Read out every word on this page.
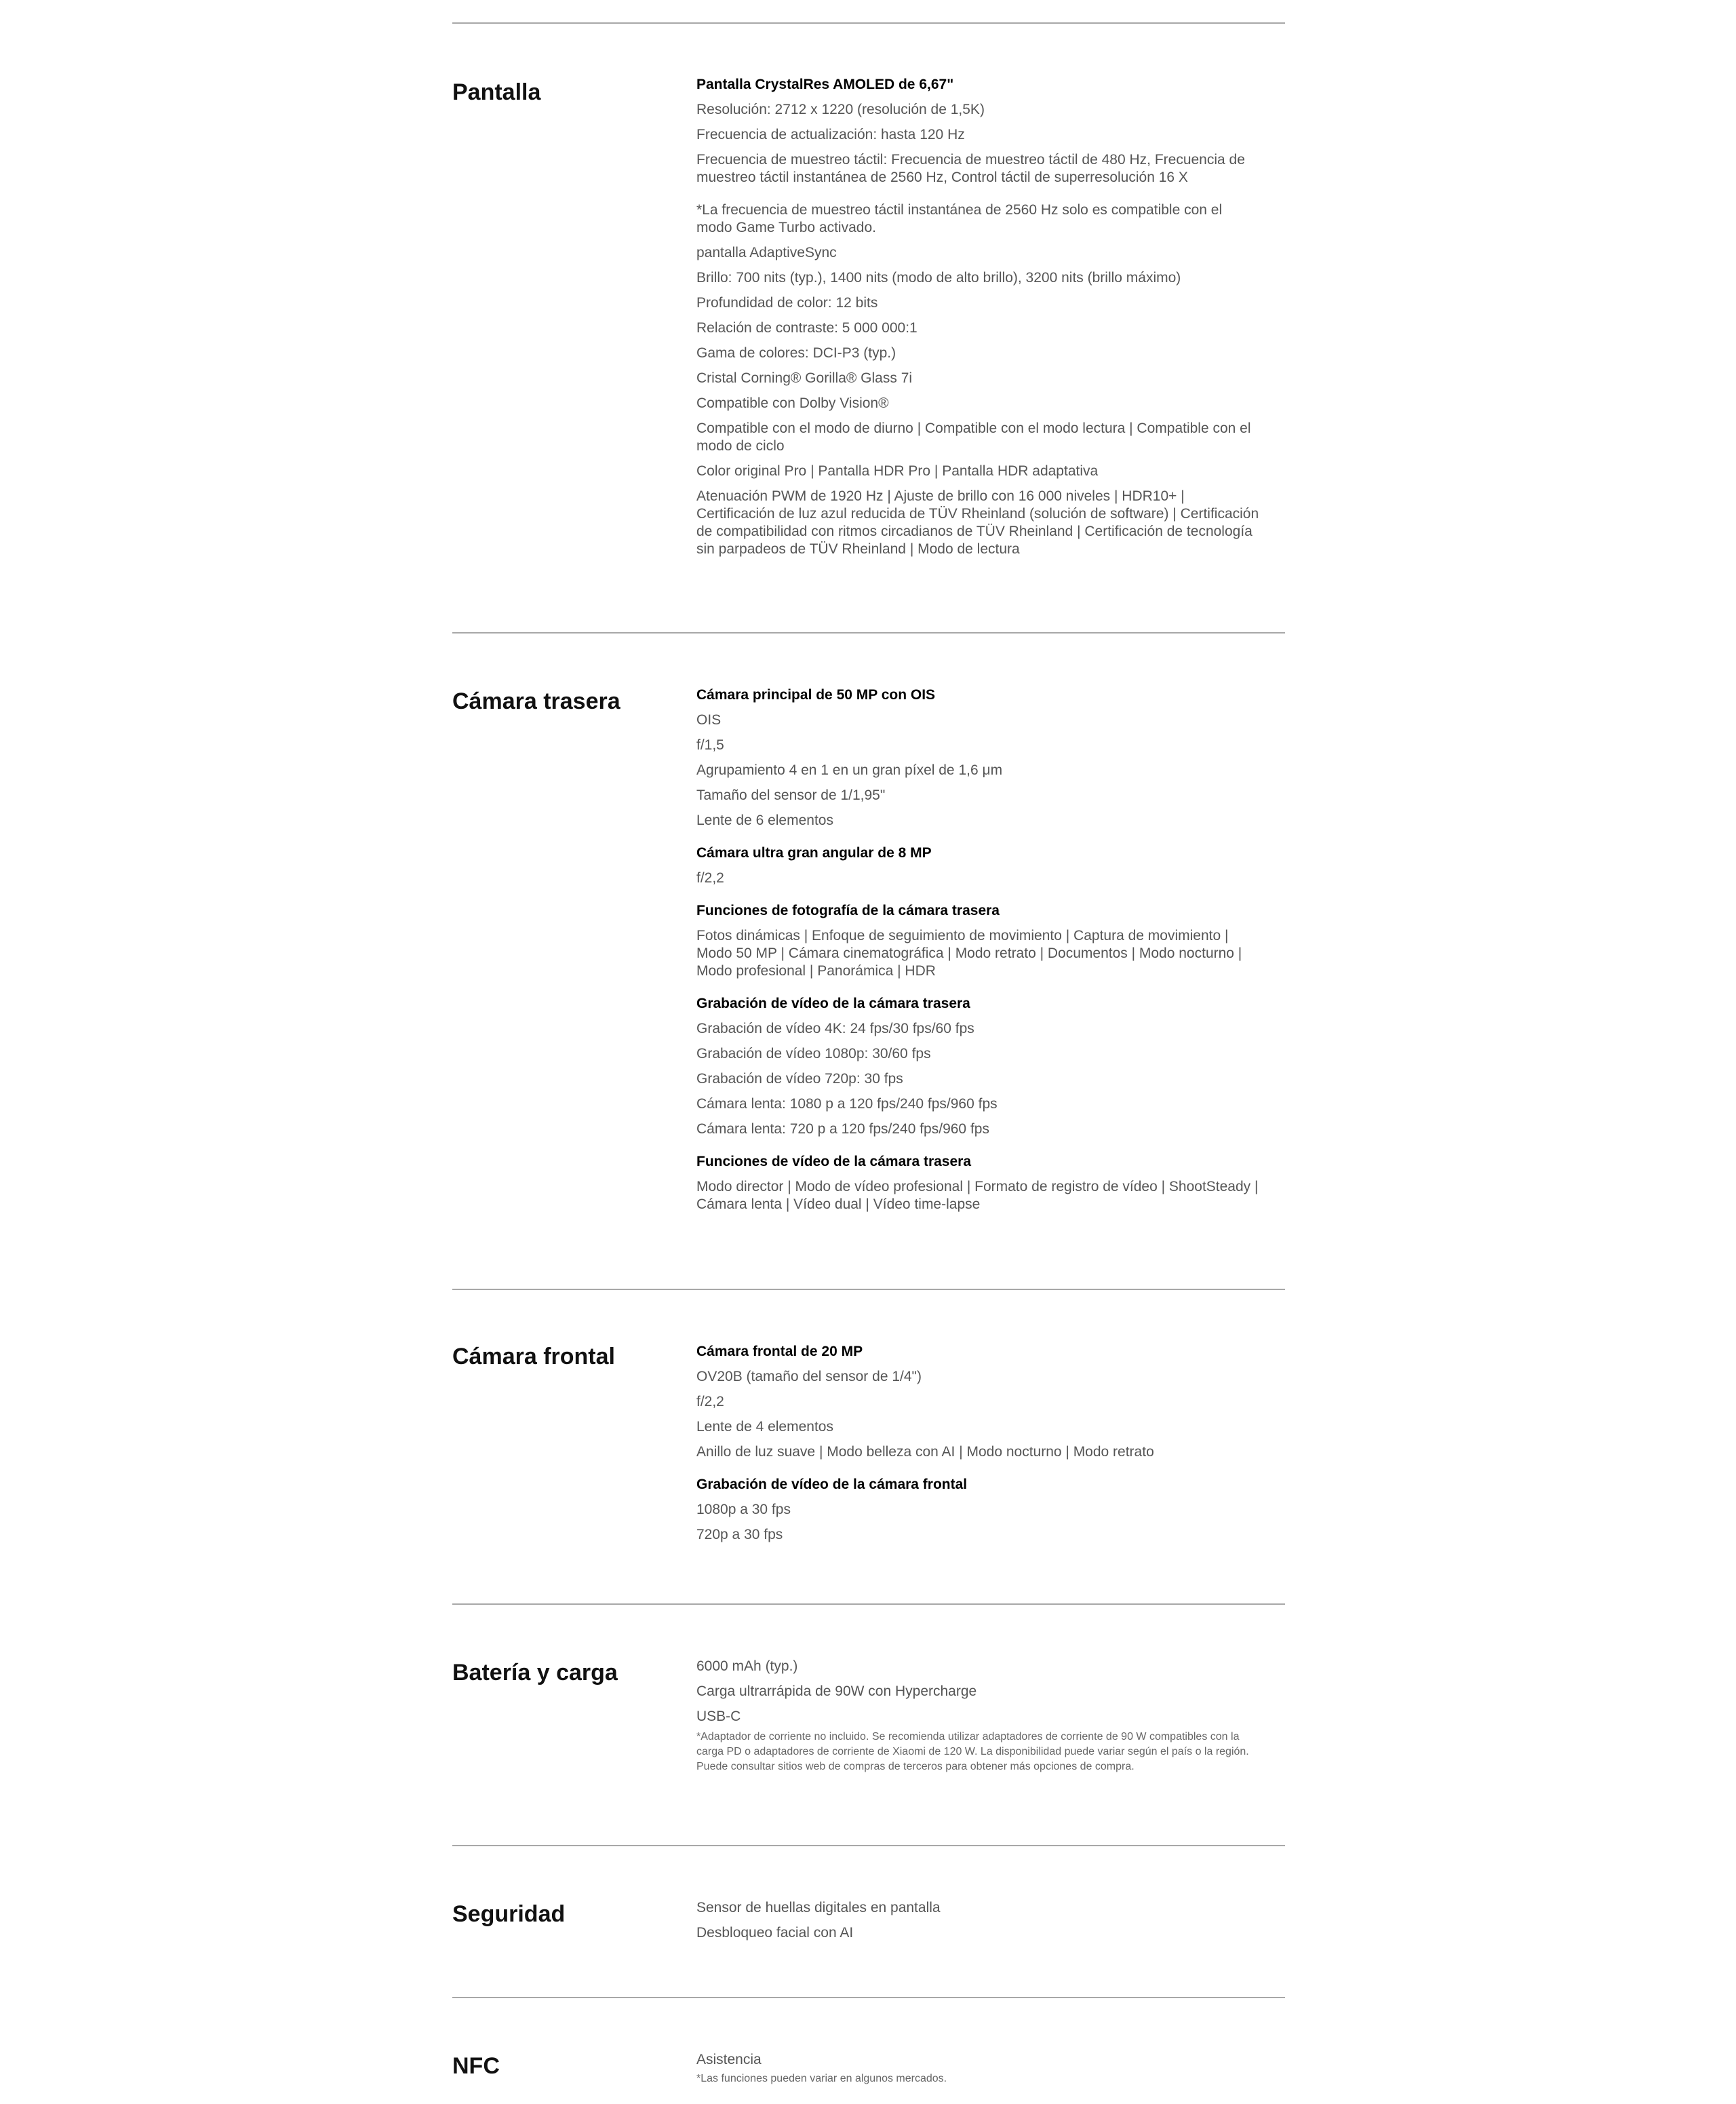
Pantalla	Pantalla CrystalRes AMOLED de 6,67"

Resolución: 2712 x 1220 (resolución de 1,5K)

Frecuencia de actualización: hasta 120 Hz

Frecuencia de muestreo táctil: Frecuencia de muestreo táctil de 480 Hz, Frecuencia de muestreo táctil instantánea de 2560 Hz, Control táctil de superresolución 16 X

*La frecuencia de muestreo táctil instantánea de 2560 Hz solo es compatible con el modo Game Turbo activado.

pantalla AdaptiveSync

Brillo: 700 nits (typ.), 1400 nits (modo de alto brillo), 3200 nits (brillo máximo)

Profundidad de color: 12 bits

Relación de contraste: 5 000 000:1

Gama de colores: DCI-P3 (typ.)

Cristal Corning® Gorilla® Glass 7i

Compatible con Dolby Vision®

Compatible con el modo de diurno | Compatible con el modo lectura | Compatible con el modo de ciclo

Color original Pro | Pantalla HDR Pro | Pantalla HDR adaptativa

Atenuación PWM de 1920 Hz | Ajuste de brillo con 16 000 niveles | HDR10+ | Certificación de luz azul reducida de TÜV Rheinland (solución de software) | Certificación de compatibilidad con ritmos circadianos de TÜV Rheinland | Certificación de tecnología sin parpadeos de TÜV Rheinland | Modo de lectura

Cámara trasera	Cámara principal de 50 MP con OIS

OIS

f/1,5

Agrupamiento 4 en 1 en un gran píxel de 1,6 μm

Tamaño del sensor de 1/1,95"

Lente de 6 elementos

Cámara ultra gran angular de 8 MP

f/2,2

Funciones de fotografía de la cámara trasera

Fotos dinámicas | Enfoque de seguimiento de movimiento | Captura de movimiento | Modo 50 MP | Cámara cinematográfica | Modo retrato | Documentos | Modo nocturno | Modo profesional | Panorámica | HDR

Grabación de vídeo de la cámara trasera

Grabación de vídeo 4K: 24 fps/30 fps/60 fps

Grabación de vídeo 1080p: 30/60 fps

Grabación de vídeo 720p: 30 fps

Cámara lenta: 1080 p a 120 fps/240 fps/960 fps

Cámara lenta: 720 p a 120 fps/240 fps/960 fps

Funciones de vídeo de la cámara trasera

Modo director | Modo de vídeo profesional | Formato de registro de vídeo | ShootSteady | Cámara lenta | Vídeo dual | Vídeo time-lapse

Cámara frontal	Cámara frontal de 20 MP

OV20B (tamaño del sensor de 1/4")

f/2,2

Lente de 4 elementos

Anillo de luz suave | Modo belleza con AI | Modo nocturno | Modo retrato

Grabación de vídeo de la cámara frontal

1080p a 30 fps

720p a 30 fps

Batería y carga	6000 mAh (typ.)

Carga ultrarrápida de 90W con Hypercharge

USB-C

*Adaptador de corriente no incluido. Se recomienda utilizar adaptadores de corriente de 90 W compatibles con la carga PD o adaptadores de corriente de Xiaomi de 120 W. La disponibilidad puede variar según el país o la región. Puede consultar sitios web de compras de terceros para obtener más opciones de compra.

Seguridad	Sensor de huellas digitales en pantalla

Desbloqueo facial con AI

NFC	Asistencia

*Las funciones pueden variar en algunos mercados.
